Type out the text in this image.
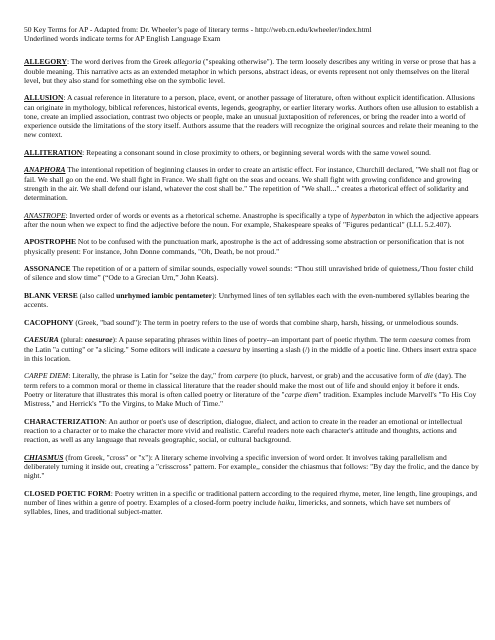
50 Key Terms for AP - Adapted from: Dr. Wheeler’s page of literary terms - http://web.cn.edu/kwheeler/index.html

Underlined words indicate terms for AP English Language Exam

ALLEGORY: The word derives from the Greek allegoria ("speaking otherwise"). The term loosely describes any writing in verse or prose that has a double meaning. This narrative acts as an extended metaphor in which persons, abstract ideas, or events represent not only themselves on the literal level, but they also stand for something else on the symbolic level.

ALLUSION: A casual reference in literature to a person, place, event, or another passage of literature, often without explicit identification. Allusions can originate in mythology, biblical references, historical events, legends, geography, or earlier literary works. Authors often use allusion to establish a tone, create an implied association, contrast two objects or people, make an unusual juxtaposition of references, or bring the reader into a world of experience outside the limitations of the story itself. Authors assume that the readers will recognize the original sources and relate their meaning to the new context.

ALLITERATION: Repeating a consonant sound in close proximity to others, or beginning several words with the same vowel sound.

ANAPHORA The intentional repetition of beginning clauses in order to create an artistic effect. For instance, Churchill declared, "We shall not flag or fail. We shall go on the end. We shall fight in France. We shall fight on the seas and oceans. We shall fight with growing confidence and growing strength in the air. We shall defend our island, whatever the cost shall be." The repetition of "We shall..." creates a rhetorical effect of solidarity and determination.

ANASTROPE: Inverted order of words or events as a rhetorical scheme. Anastrophe is specifically a type of hyperbaton in which the adjective appears after the noun when we expect to find the adjective before the noun. For example, Shakespeare speaks of "Figures pedantical" (LLL 5.2.407).

APOSTROPHE Not to be confused with the punctuation mark, apostrophe is the act of addressing some abstraction or personification that is not physically present: For instance, John Donne commands, "Oh, Death, be not proud."

ASSONANCE The repetition of or a pattern of similar sounds, especially vowel sounds: “Thou still unravished bride of quietness,/Thou foster child of silence and slow time” (“Ode to a Grecian Urn,” John Keats).

BLANK VERSE (also called unrhymed iambic pentameter): Unrhymed lines of ten syllables each with the even-numbered syllables bearing the accents.

CACOPHONY (Greek, "bad sound"): The term in poetry refers to the use of words that combine sharp, harsh, hissing, or unmelodious sounds.

CAESURA (plural: caesurae): A pause separating phrases within lines of poetry--an important part of poetic rhythm. The term caesura comes from the Latin "a cutting" or "a slicing." Some editors will indicate a caesura by inserting a slash (/) in the middle of a poetic line. Others insert extra space in this location.

CARPE DIEM: Literally, the phrase is Latin for "seize the day," from carpere (to pluck, harvest, or grab) and the accusative form of die (day). The term refers to a common moral or theme in classical literature that the reader should make the most out of life and should enjoy it before it ends. Poetry or literature that illustrates this moral is often called poetry or literature of the "carpe diem" tradition. Examples include Marvell's "To His Coy Mistress," and Herrick's "To the Virgins, to Make Much of Time."

CHARACTERIZATION: An author or poet's use of description, dialogue, dialect, and action to create in the reader an emotional or intellectual reaction to a character or to make the character more vivid and realistic. Careful readers note each character's attitude and thoughts, actions and reaction, as well as any language that reveals geographic, social, or cultural background.

CHIASMUS (from Greek, "cross" or "x"): A literary scheme involving a specific inversion of word order. It involves taking parallelism and deliberately turning it inside out, creating a "crisscross" pattern. For example,, consider the chiasmus that follows: "By day the frolic, and the dance by night."

CLOSED POETIC FORM: Poetry written in a specific or traditional pattern according to the required rhyme, meter, line length, line groupings, and number of lines within a genre of poetry. Examples of a closed-form poetry include haiku, limericks, and sonnets, which have set numbers of syllables, lines, and traditional subject-matter.
